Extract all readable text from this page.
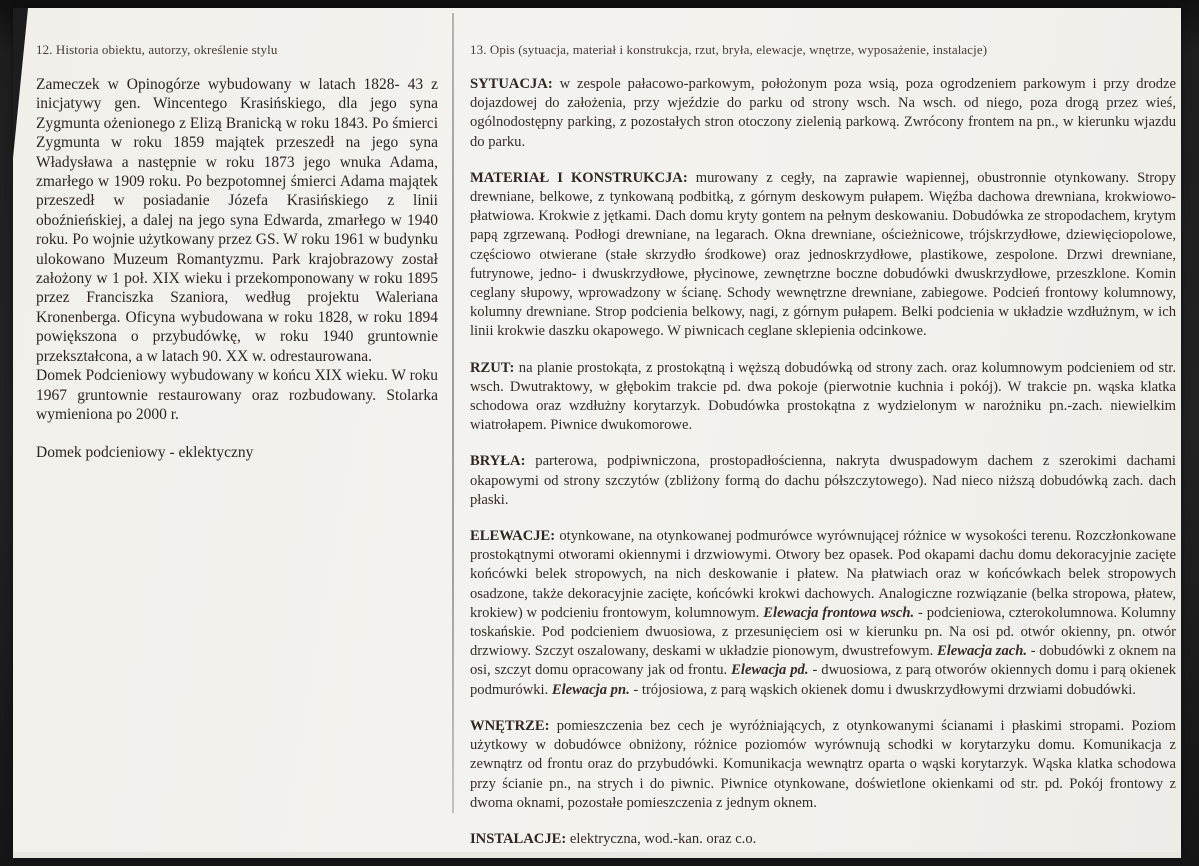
12. Historia obiektu, autorzy, określenie stylu

Zameczek w Opinogórze wybudowany w latach 1828- 43 z inicjatywy gen. Wincentego Krasińskiego, dla jego syna Zygmunta ożenionego z Elizą Branicką w roku 1843. Po śmierci Zygmunta w roku 1859 majątek przeszedł na jego syna Władysława a następnie w roku 1873 jego wnuka Adama, zmarłego w 1909 roku. Po bezpotomnej śmierci Adama majątek przeszedł w posiadanie Józefa Krasińskiego z linii oboźnieńskiej, a dalej na jego syna Edwarda, zmarłego w 1940 roku. Po wojnie użytkowany przez GS. W roku 1961 w budynku ulokowano Muzeum Romantyzmu. Park krajobrazowy został założony w 1 poł. XIX wieku i przekomponowany w roku 1895 przez Franciszka Szaniora, według projektu Waleriana Kronenberga. Oficyna wybudowana w roku 1828, w roku 1894 powiększona o przybudówkę, w roku 1940 gruntownie przekształcona, a w latach 90. XX w. odrestaurowana.

Domek Podcieniowy wybudowany w końcu XIX wieku. W roku 1967 gruntownie restaurowany oraz rozbudowany. Stolarka wymieniona po 2000 r.

Domek podcieniowy - eklektyczny

13. Opis (sytuacja, materiał i konstrukcja, rzut, bryła, elewacje, wnętrze, wyposażenie, instalacje)

SYTUACJA: w zespole pałacowo-parkowym, położonym poza wsią, poza ogrodzeniem parkowym i przy drodze dojazdowej do założenia, przy wjeździe do parku od strony wsch. Na wsch. od niego, poza drogą przez wieś, ogólnodostępny parking, z pozostałych stron otoczony zielenią parkową. Zwrócony frontem na pn., w kierunku wjazdu do parku.

MATERIAŁ I KONSTRUKCJA: murowany z cegły, na zaprawie wapiennej, obustronnie otynkowany. Stropy drewniane, belkowe, z tynkowaną podbitką, z górnym deskowym pułapem. Więźba dachowa drewniana, krokwiowo-płatwiowa. Krokwie z jętkami. Dach domu kryty gontem na pełnym deskowaniu. Dobudówka ze stropodachem, krytym papą zgrzewaną. Podłogi drewniane, na legarach. Okna drewniane, ościeżnicowe, trójskrzydłowe, dziewięciopolowe, częściowo otwierane (stałe skrzydło środkowe) oraz jednoskrzydłowe, plastikowe, zespolone. Drzwi drewniane, futrynowe, jedno- i dwuskrzydłowe, płycinowe, zewnętrzne boczne dobudówki dwuskrzydłowe, przeszklone. Komin ceglany słupowy, wprowadzony w ścianę. Schody wewnętrzne drewniane, zabiegowe. Podcień frontowy kolumnowy, kolumny drewniane. Strop podcienia belkowy, nagi, z górnym pułapem. Belki podcienia w układzie wzdłużnym, w ich linii krokwie daszku okapowego. W piwnicach ceglane sklepienia odcinkowe.

RZUT: na planie prostokąta, z prostokątną i węższą dobudówką od strony zach. oraz kolumnowym podcieniem od str. wsch. Dwutraktowy, w głębokim trakcie pd. dwa pokoje (pierwotnie kuchnia i pokój). W trakcie pn. wąska klatka schodowa oraz wzdłużny korytarzyk. Dobudówka prostokątna z wydzielonym w narożniku pn.-zach. niewielkim wiatrołapem. Piwnice dwukomorowe.

BRYŁA: parterowa, podpiwniczona, prostopadłościenna, nakryta dwuspadowym dachem z szerokimi dachami okapowymi od strony szczytów (zbliżony formą do dachu półszczytowego). Nad nieco niższą dobudówką zach. dach płaski.

ELEWACJE: otynkowane, na otynkowanej podmurówce wyrównującej różnice w wysokości terenu. Rozczłonkowane prostokątnymi otworami okiennymi i drzwiowymi. Otwory bez opasek. Pod okapami dachu domu dekoracyjnie zacięte końcówki belek stropowych, na nich deskowanie i płatew. Na płatwiach oraz w końcówkach belek stropowych osadzone, także dekoracyjnie zacięte, końcówki krokwi dachowych. Analogiczne rozwiązanie (belka stropowa, płatew, krokiew) w podcieniu frontowym, kolumnowym. Elewacja frontowa wsch. - podcieniowa, czterokolumnowa. Kolumny toskańskie. Pod podcieniem dwuosiowa, z przesunięciem osi w kierunku pn. Na osi pd. otwór okienny, pn. otwór drzwiowy. Szczyt oszalowany, deskami w układzie pionowym, dwustrefowym. Elewacja zach. - dobudówki z oknem na osi, szczyt domu opracowany jak od frontu. Elewacja pd. - dwuosiowa, z parą otworów okiennych domu i parą okienek podmurówki. Elewacja pn. - trójosiowa, z parą wąskich okienek domu i dwuskrzydłowymi drzwiami dobudówki.

WNĘTRZE: pomieszczenia bez cech je wyróżniających, z otynkowanymi ścianami i płaskimi stropami. Poziom użytkowy w dobudówce obniżony, różnice poziomów wyrównują schodki w korytarzyku domu. Komunikacja z zewnątrz od frontu oraz do przybudówki. Komunikacja wewnątrz oparta o wąski korytarzyk. Wąska klatka schodowa przy ścianie pn., na strych i do piwnic. Piwnice otynkowane, doświetlone okienkami od str. pd. Pokój frontowy z dwoma oknami, pozostałe pomieszczenia z jednym oknem.

INSTALACJE: elektryczna, wod.-kan. oraz c.o.
